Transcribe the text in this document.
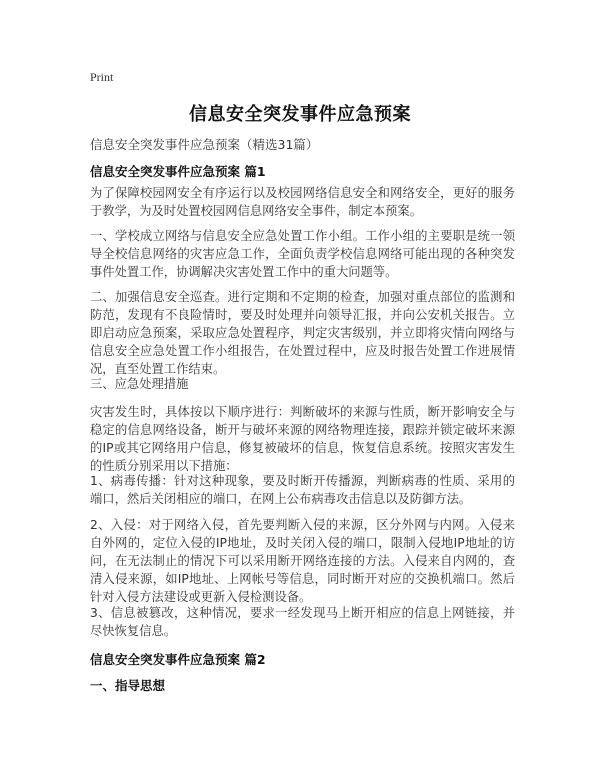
Print
信息安全突发事件应急预案
信息安全突发事件应急预案（精选31篇）
信息安全突发事件应急预案 篇1
为了保障校园网安全有序运行以及校园网络信息安全和网络安全，更好的服务于教学，为及时处置校园网信息网络安全事件，制定本预案。
一、学校成立网络与信息安全应急处置工作小组。工作小组的主要职是统一领导全校信息网络的灾害应急工作，全面负责学校信息网络可能出现的各种突发事件处置工作，协调解决灾害处置工作中的重大问题等。
二、加强信息安全巡查。进行定期和不定期的检查，加强对重点部位的监测和防范，发现有不良险情时，要及时处理并向领导汇报，并向公安机关报告。立即启动应急预案，采取应急处置程序，判定灾害级别，并立即将灾情向网络与信息安全应急处置工作小组报告，在处置过程中，应及时报告处置工作进展情况，直至处置工作结束。
三、应急处理措施
灾害发生时，具体按以下顺序进行：判断破坏的来源与性质，断开影响安全与稳定的信息网络设备，断开与破坏来源的网络物理连接，跟踪并锁定破坏来源的IP或其它网络用户信息，修复被破坏的信息，恢复信息系统。按照灾害发生的性质分别采用以下措施：
1、病毒传播：针对这种现象，要及时断开传播源，判断病毒的性质、采用的端口，然后关闭相应的端口，在网上公布病毒攻击信息以及防御方法。
2、入侵：对于网络入侵，首先要判断入侵的来源，区分外网与内网。入侵来自外网的，定位入侵的IP地址，及时关闭入侵的端口，限制入侵地IP地址的访问，在无法制止的情况下可以采用断开网络连接的方法。入侵来自内网的，查清入侵来源，如IP地址、上网帐号等信息，同时断开对应的交换机端口。然后针对入侵方法建设或更新入侵检测设备。
3、信息被篡改，这种情况，要求一经发现马上断开相应的信息上网链接，并尽快恢复信息。
信息安全突发事件应急预案 篇2
一、指导思想
